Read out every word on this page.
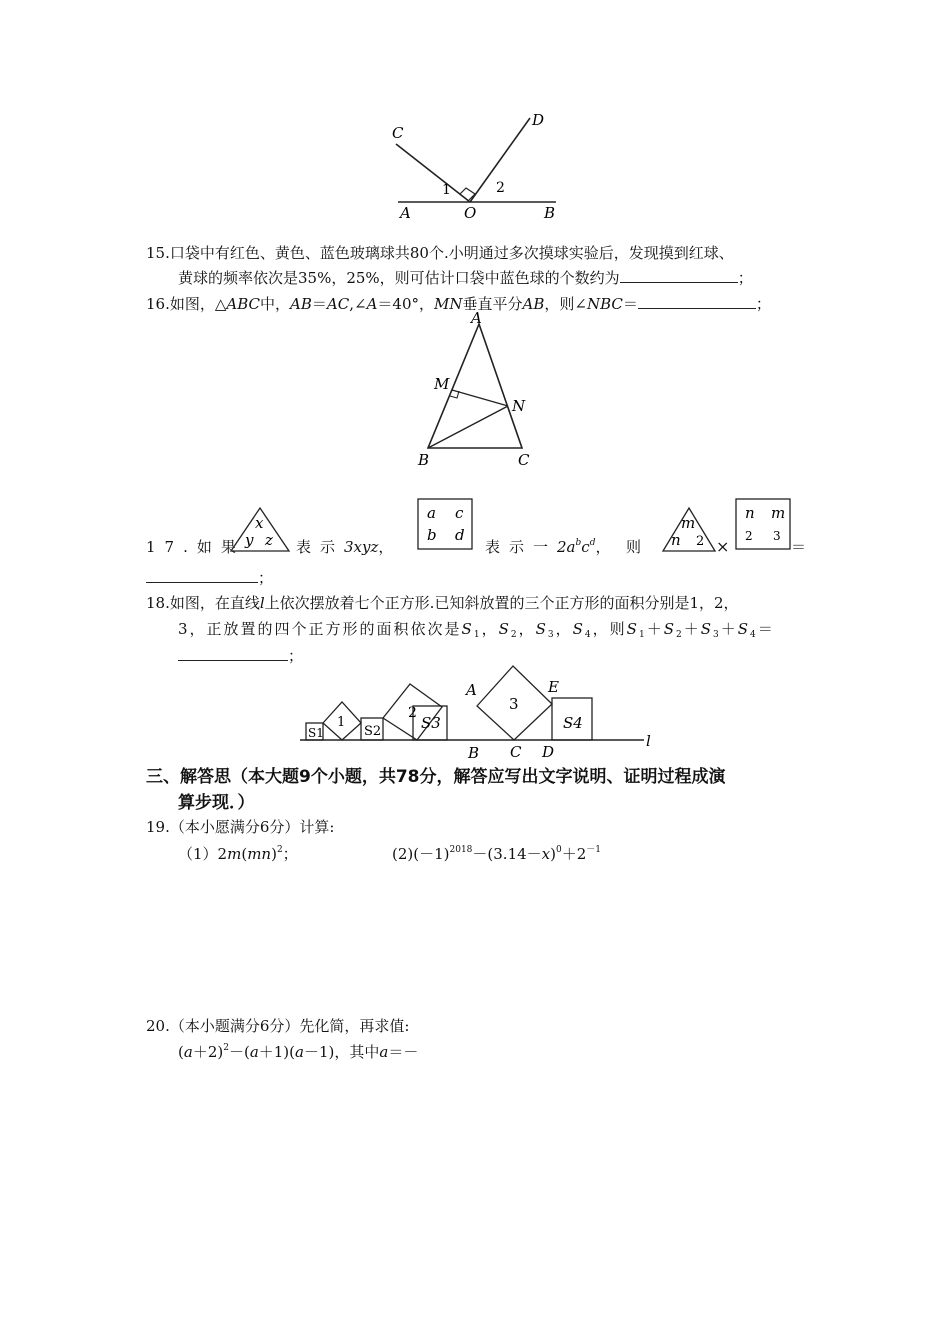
C
D
A	O	B
1	2
15.口袋中有红色、黄色、蓝色玻璃球共80个.小明通过多次摸球实验后，发现摸到红球、
黄球的频率依次是35%，25%，则可估计口袋中蓝色球的个数约为	；
16.如图，△ABC中，AB＝AC,∠A＝40°，MN垂直平分AB，则∠NBC＝	；
A
M
N
B	C
17.如果
x
y z 表示3xyz，
a c
b d
表示一$2a^bc^d$， 则
m
n 2 ×
n m
2 3
＝
；
18.如图，在直线l上依次摆放着七个正方形.已知斜放置的三个正方形的面积分别是1，2，
3，正放置的四个正方形的面积依次是$S_1$，$S_2$，$S_3$，$S_4$，则$S_1+S_2+S_3+S_4=$
；
S1
1
S2
2
S3
3
S4
A	E
B C D
l
三、解答思（本大题9个小题，共78分，解答应写出文字说明、证明过程成演
算步现．）
19.（本小愿满分6分）计算:
（1）2m(mn)$^2$；	$(2)(-1)^{2018}-(3.14-x)^0+2^{-1}$
20.（本小题满分6分）先化简，再求值:
$(a+2)^2-(a+1)(a-1)$，其中a＝－
